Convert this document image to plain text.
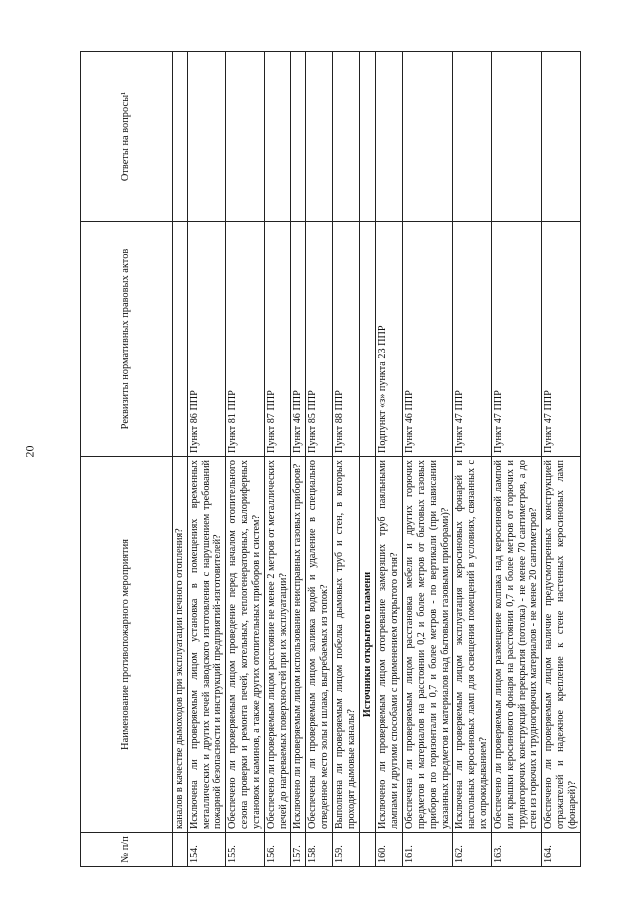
20
№ п/п	Наименование противопожарного мероприятия	Реквизиты нормативных правовых актов	Ответы на вопросы¹
	каналов в качестве дымоходов при эксплуатации печного отопления?		
154.	Исключена ли проверяемым лицом установка в помещениях временных металлических и других печей заводского изготовления с нарушением требований пожарной безопасности и инструкций предприятий-изготовителей?	Пункт 86 ППР	
155.	Обеспечено ли проверяемым лицом проведение перед началом отопительного сезона проверки и ремонта печей, котельных, теплогенераторных, калориферных установок и каминов, а также других отопительных приборов и систем?	Пункт 81 ППР	
156.	Обеспечено ли проверяемым лицом расстояние не менее 2 метров от металлических печей до нагреваемых поверхностей при их эксплуатации?	Пункт 87 ППР	
157.	Исключено ли проверяемым лицом использование неисправных газовых приборов?	Пункт 46 ППР	
158.	Обеспечены ли проверяемым лицом заливка водой и удаление в специально отведенное место золы и шлака, выгребаемых из топок?	Пункт 85 ППР	
159.	Выполнена ли проверяемым лицом побелка дымовых труб и стен, в которых проходят дымовые каналы?	Пункт 88 ППР	
	Источники открытого пламени		
160.	Исключено ли проверяемым лицом отогревание замерзших труб паяльными лампами и другими способами с применением открытого огня?	Подпункт «з» пункта 23 ППР	
161.	Обеспечена ли проверяемым лицом расстановка мебели и других горючих предметов и материалов на расстоянии 0,2 и более метров от бытовых газовых приборов по горизонтали и 0,7 и более метров - по вертикали (при нависании указанных предметов и материалов над бытовыми газовыми приборами)?	Пункт 46 ППР	
162.	Исключена ли проверяемым лицом эксплуатация керосиновых фонарей и настольных керосиновых ламп для освещения помещений в условиях, связанных с их опрокидыванием?	Пункт 47 ППР	
163.	Обеспечено ли проверяемым лицом размещение колпака над керосиновой лампой или крышки керосинового фонаря на расстоянии 0,7 и более метров от горючих и трудногорючих конструкций перекрытия (потолка) - не менее 70 сантиметров, а до стен из горючих и трудногорючих материалов - не менее 20 сантиметров?	Пункт 47 ППР	
164.	Обеспечено ли проверяемым лицом наличие предусмотренных конструкцией отражателей и надежное крепление к стене настенных керосиновых ламп (фонарей)?	Пункт 47 ППР	
